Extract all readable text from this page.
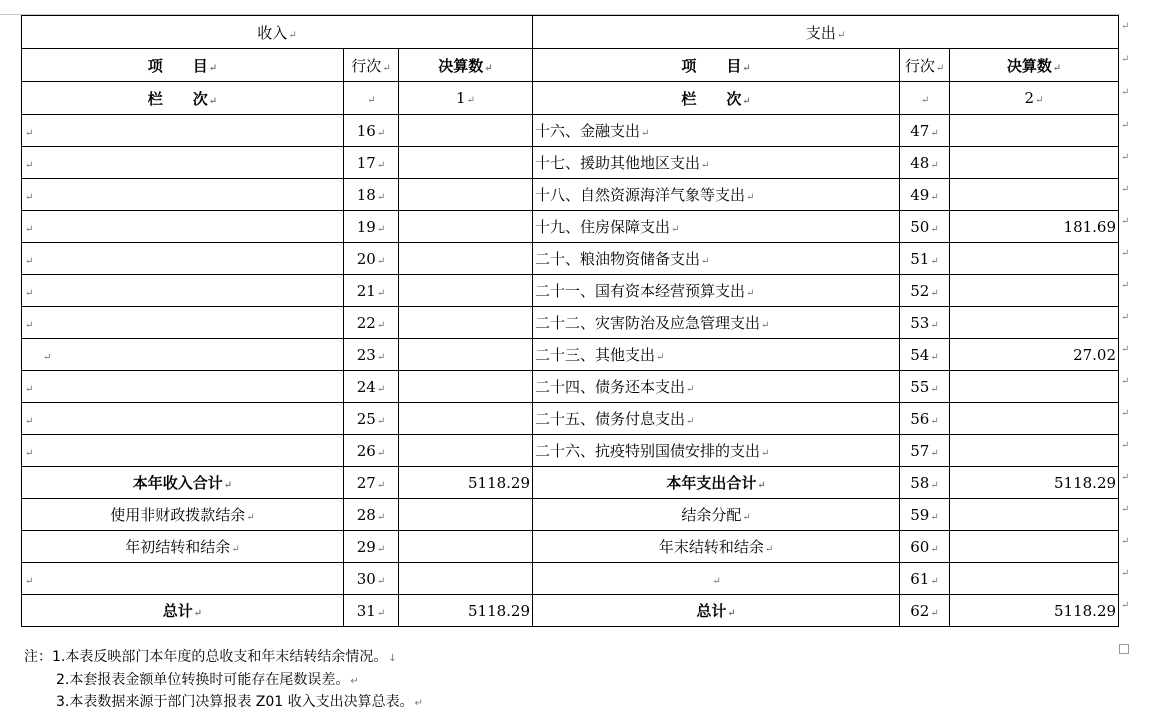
收入↵			支出↵		
项　　目↵	行次↵	决算数↵	项　　目↵	行次↵	决算数↵
栏　　次↵	↵	1↵	栏　　次↵	↵	2↵
↵	16↵		十六、金融支出↵	47↵	
↵	17↵		十七、援助其他地区支出↵	48↵	
↵	18↵		十八、自然资源海洋气象等支出↵	49↵	
↵	19↵		十九、住房保障支出↵	50↵	181.69
↵	20↵		二十、粮油物资储备支出↵	51↵	
↵	21↵		二十一、国有资本经营预算支出↵	52↵	
↵	22↵		二十二、灾害防治及应急管理支出↵	53↵	
↵	23↵		二十三、其他支出↵	54↵	27.02
↵	24↵		二十四、债务还本支出↵	55↵	
↵	25↵		二十五、债务付息支出↵	56↵	
↵	26↵		二十六、抗疫特别国债安排的支出↵	57↵	
本年收入合计↵	27↵	5118.29	本年支出合计↵	58↵	5118.29
使用非财政拨款结余↵	28↵		结余分配↵	59↵	
年初结转和结余↵	29↵		年末结转和结余↵	60↵	
↵	30↵		↵	61↵	
总计↵	31↵	5118.29	总计↵	62↵	5118.29
↵
↵
↵
↵
↵
↵
↵
↵
↵
↵
↵
↵
↵
↵
↵
↵
↵
↵
↵
注：1.本表反映部门本年度的总收支和年末结转结余情况。↓
2.本套报表金额单位转换时可能存在尾数误差。↵
3.本表数据来源于部门决算报表 Z01 收入支出决算总表。↵
